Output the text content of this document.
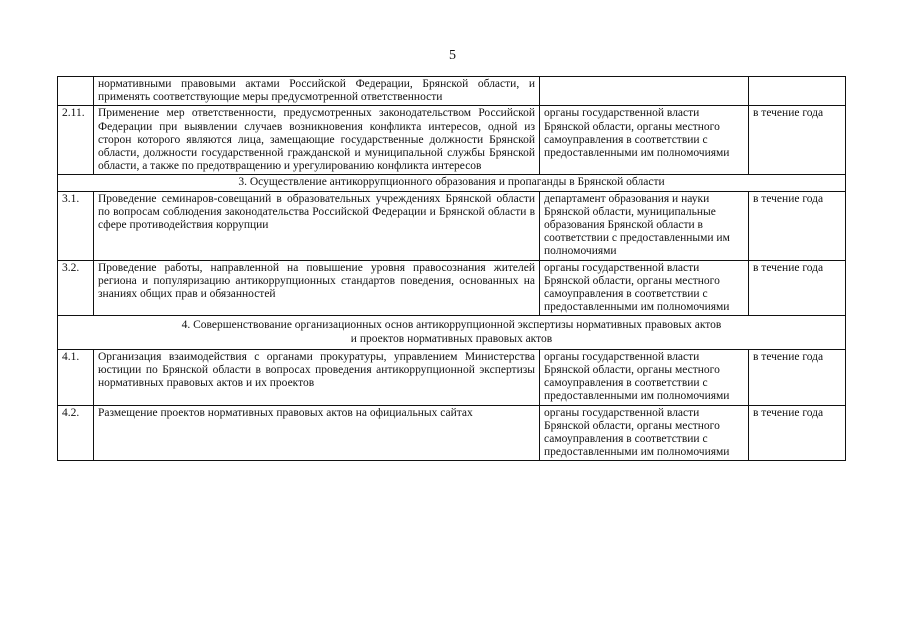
5
	нормативными правовыми актами Российской Федерации, Брянской области, и применять соответствующие меры предусмотренной ответственности		
2.11.	Применение мер ответственности, предусмотренных законодательством Российской Федерации при выявлении случаев возникновения конфликта интересов, одной из сторон которого являются лица, замещающие государственные должности Брянской области, должности государственной гражданской и муниципальной службы Брянской области, а также по предотвращению и урегулированию конфликта интересов	органы государственной власти Брянской области, органы местного самоуправления в соответствии с предоставленными им полномочиями	в течение года

3. Осуществление антикоррупционного образования и пропаганды в Брянской области			

3.1.	Проведение семинаров-совещаний в образовательных учреждениях Брянской области по вопросам соблюдения законодательства Российской Федерации и Брянской области в сфере противодействия коррупции	департамент образования и науки Брянской области, муниципальные образования Брянской области в соответствии с предоставленными им полномочиями	в течение года
3.2.	Проведение работы, направленной на повышение уровня правосознания жителей региона и популяризацию антикоррупционных стандартов поведения, основанных на знаниях общих прав и обязанностей	органы государственной власти Брянской области, органы местного самоуправления в соответствии с предоставленными им полномочиями	в течение года

4. Совершенствование организационных основ антикоррупционной экспертизы нормативных правовых актов
и проектов нормативных правовых актов			

4.1.	Организация взаимодействия с органами прокуратуры, управлением Министерства юстиции по Брянской области в вопросах проведения антикоррупционной экспертизы нормативных правовых актов и их проектов	органы государственной власти Брянской области, органы местного самоуправления в соответствии с предоставленными им полномочиями	в течение года
4.2.	Размещение проектов нормативных правовых актов на официальных сайтах	органы государственной власти Брянской области, органы местного самоуправления в соответствии с предоставленными им полномочиями	в течение года
